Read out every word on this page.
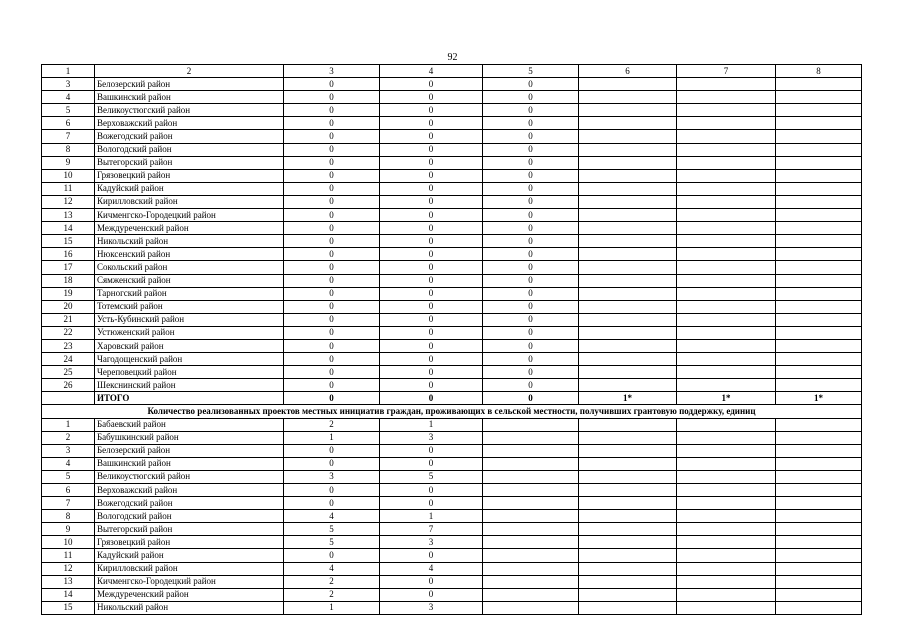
92
1	2	3	4	5	6	7	8
3	Белозерский район	0	0	0			
4	Вашкинский район	0	0	0			
5	Великоустюгский район	0	0	0			
6	Верховажский район	0	0	0			
7	Вожегодский район	0	0	0			
8	Вологодский район	0	0	0			
9	Вытегорский район	0	0	0			
10	Грязовецкий район	0	0	0			
11	Кадуйский район	0	0	0			
12	Кирилловский район	0	0	0			
13	Кичменгско-Городецкий район	0	0	0			
14	Междуреченский район	0	0	0			
15	Никольский район	0	0	0			
16	Нюксенский район	0	0	0			
17	Сокольский район	0	0	0			
18	Сямженский район	0	0	0			
19	Тарногский район	0	0	0			
20	Тотемский район	0	0	0			
21	Усть-Кубинский район	0	0	0			
22	Устюженский район	0	0	0			
23	Харовский район	0	0	0			
24	Чагодощенский район	0	0	0			
25	Череповецкий район	0	0	0			
26	Шекснинский район	0	0	0			
	ИТОГО	0	0	0	1*	1*	1*
Количество реализованных проектов местных инициатив граждан, проживающих в сельской местности, получивших грантовую поддержку, единиц							
1	Бабаевский район	2	1				
2	Бабушкинский район	1	3				
3	Белозерский район	0	0				
4	Вашкинский район	0	0				
5	Великоустюгский район	3	5				
6	Верховажский район	0	0				
7	Вожегодский район	0	0				
8	Вологодский район	4	1				
9	Вытегорский район	5	7				
10	Грязовецкий район	5	3				
11	Кадуйский район	0	0				
12	Кирилловский район	4	4				
13	Кичменгско-Городецкий район	2	0				
14	Междуреченский район	2	0				
15	Никольский район	1	3				
